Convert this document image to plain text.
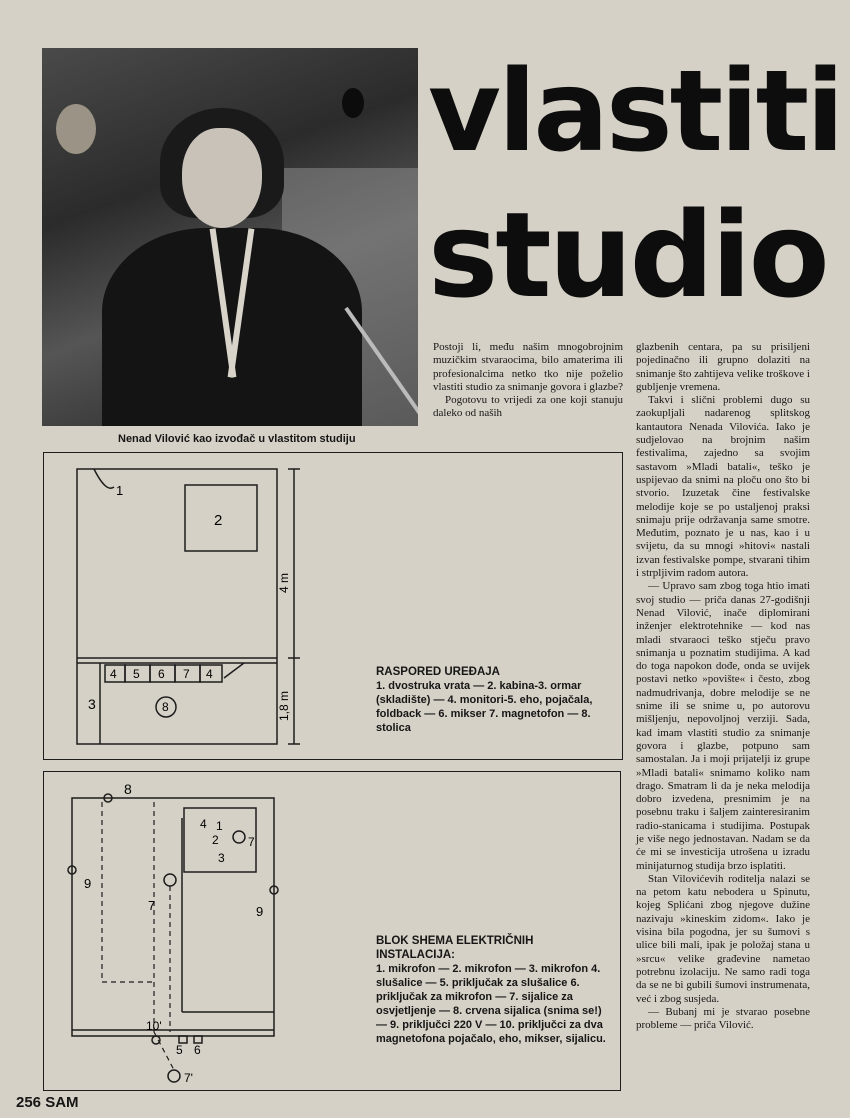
Nenad Vilović kao izvođač u vlastitom studiju
vlastiti
studio

Postoji li, među našim mnogobrojnim muzičkim stvaraocima, bilo amaterima ili profesionalcima netko tko nije poželio vlastiti studio za snimanje govora i glazbe?

Pogotovu to vrijedi za one koji stanuju daleko od naših

glazbenih centara, pa su prisiljeni pojedinačno ili grupno dolaziti na snimanje što zahtijeva velike troškove i gubljenje vremena.

Takvi i slični problemi dugo su zaokupljali nadarenog splitskog kantautora Nenada Vilovića. Iako je sudjelovao na brojnim našim festivalima, zajedno sa svojim sastavom »Mladi batali«, teško je uspijevao da snimi na ploču ono što bi stvorio. Izuzetak čine festivalske melodije koje se po ustaljenoj praksi snimaju prije održavanja same smotre. Međutim, poznato je u nas, kao i u svijetu, da su mnogi »hitovi« nastali izvan festivalske pompe, stvarani tihim i strpljivim radom autora.

— Upravo sam zbog toga htio imati svoj studio — priča danas 27-godišnji Nenad Vilović, inače diplomirani inženjer elektrotehnike — kod nas mladi stvaraoci teško stječu pravo snimanja u poznatim studijima. A kad do toga napokon dođe, onda se uvijek postavi netko »povište« i često, zbog nadmudrivanja, dobre melodije se ne snime ili se snime u, po autorovu mišljenju, nepovoljnoj verziji. Sada, kad imam vlastiti studio za snimanje govora i glazbe, potpuno sam samostalan. Ja i moji prijatelji iz grupe »Mladi batali« snimamo koliko nam drago. Smatram li da je neka melodija dobro izvedena, presnimim je na posebnu traku i šaljem zainteresiranim radio-stanicama i studijima. Postupak je više nego jednostavan. Nadam se da će mi se investicija utrošena u izradu minijaturnog studija brzo isplatiti.

Stan Vilovićevih roditelja nalazi se na petom katu nebodera u Spinutu, kojeg Splićani zbog njegove dužine nazivaju »kineskim zidom«. Iako je visina bila pogodna, jer su šumovi s ulice bili mali, ipak je položaj stana u »srcu« velike građevine nametao potrebnu izolaciju. Ne samo radi toga da se ne bi gubili šumovi instrumenata, već i zbog susjeda.

— Bubanj mi je stvarao posebne probleme — priča Vilović.

1
2
3
4 5 6 7 4
8
4 m
1,8 m
RASPORED UREĐAJA
1. dvostruka vrata — 2. kabina-3. ormar (skladište) — 4. monitori-5. eho, pojačala, foldback — 6. mikser 7. magnetofon — 8. stolica
8
4 1
2
3
7
7
9
9
10'
5 6
7'
BLOK SHEMA ELEKTRIČNIH INSTALACIJA:
1. mikrofon — 2. mikrofon — 3. mikrofon 4. slušalice — 5. priključak za slušalice 6. priključak za mikrofon — 7. sijalice za osvjetljenje — 8. crvena sijalica (snima se!) — 9. priključci 220 V — 10. priključci za dva magnetofona pojačalo, eho, mikser, sijalicu.
256 SAM
